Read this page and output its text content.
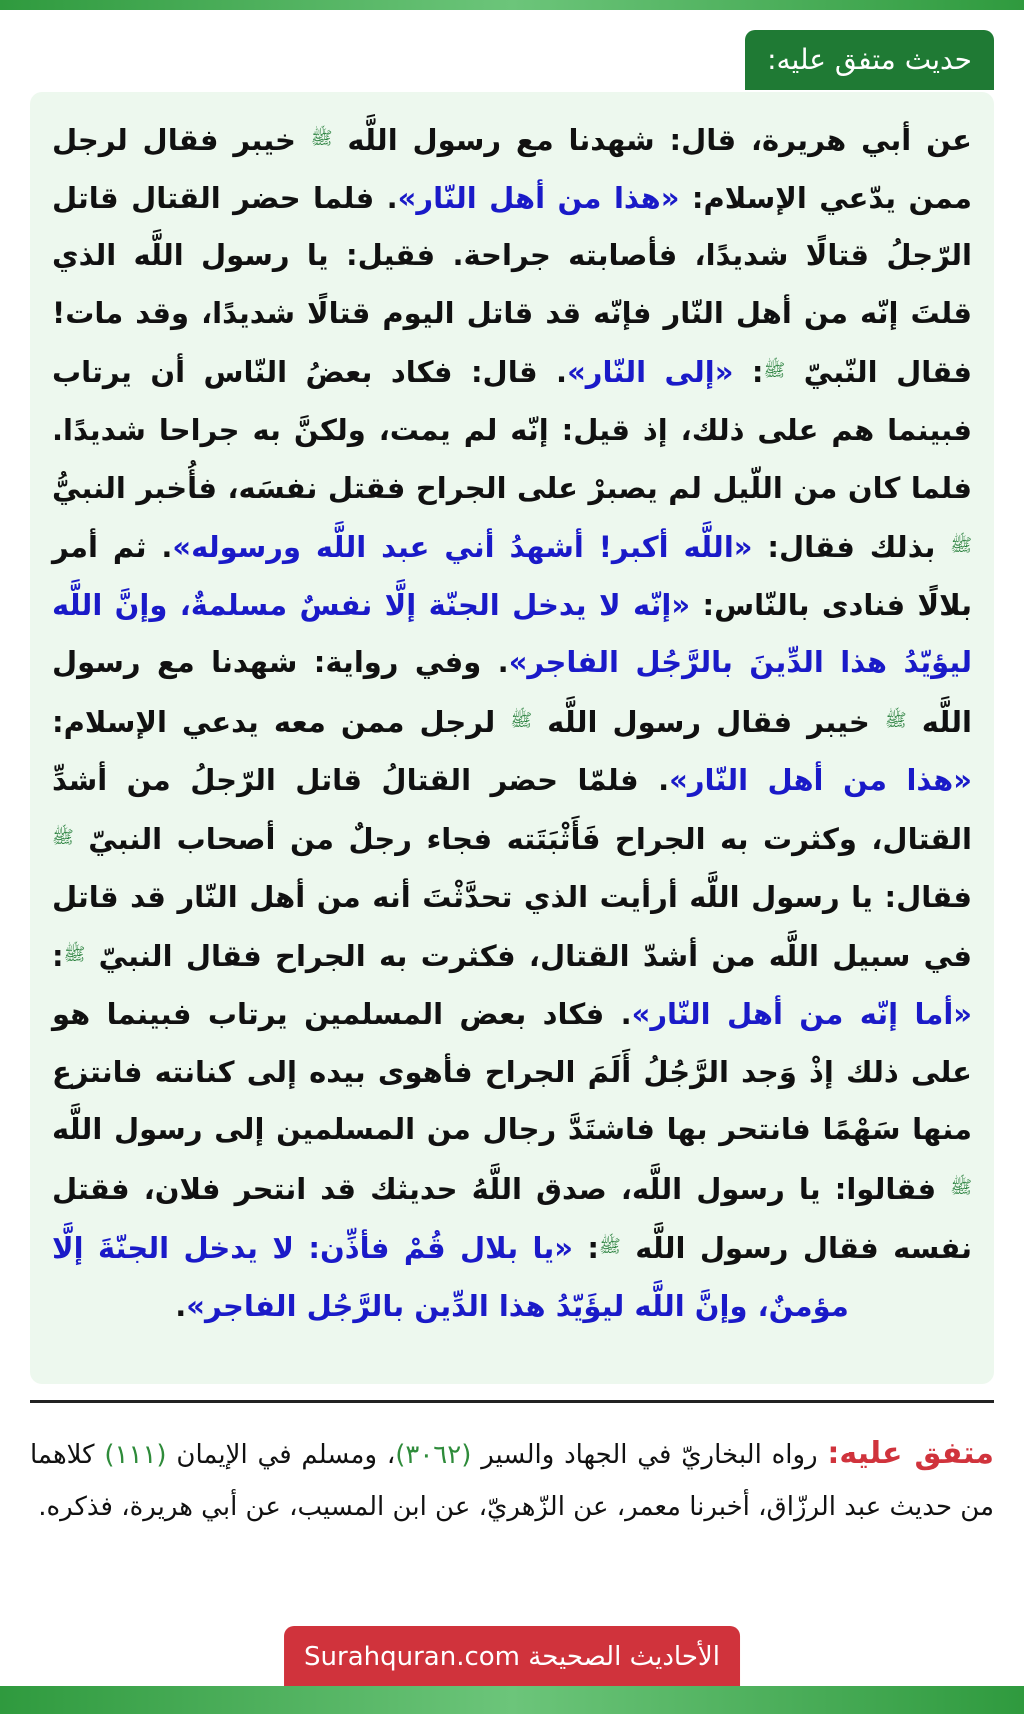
حديث متفق عليه:

عن أبي هريرة، قال: شهدنا مع رسول اللَّه $^ﷺ$ خيبر فقال لرجل ممن يدّعي الإسلام: «هذا من أهل النّار». فلما حضر القتال قاتل الرّجلُ قتالًا شديدًا، فأصابته جراحة. فقيل: يا رسول اللَّه الذي قلتَ إنّه من أهل النّار فإنّه قد قاتل اليوم قتالًا شديدًا، وقد مات! فقال النّبيّ $^ﷺ$: «إلى النّار». قال: فكاد بعضُ النّاس أن يرتاب فبينما هم على ذلك، إذ قيل: إنّه لم يمت، ولكنَّ به جراحا شديدًا. فلما كان من اللّيل لم يصبرْ على الجراح فقتل نفسَه، فأُخبر النبيُّ $^ﷺ$ بذلك فقال: «اللَّه أكبر! أشهدُ أني عبد اللَّه ورسوله». ثم أمر بلالًا فنادى بالنّاس: «إنّه لا يدخل الجنّة إلَّا نفسٌ مسلمةٌ، وإنَّ اللَّه ليؤيّدُ هذا الدِّينَ بالرَّجُل الفاجر». وفي رواية: شهدنا مع رسول اللَّه $^ﷺ$ خيبر فقال رسول اللَّه $^ﷺ$ لرجل ممن معه يدعي الإسلام: «هذا من أهل النّار». فلمّا حضر القتالُ قاتل الرّجلُ من أشدِّ القتال، وكثرت به الجراح فَأَثْبَتَته فجاء رجلٌ من أصحاب النبيّ $^ﷺ$ فقال: يا رسول اللَّه أرأيت الذي تحدَّثْتَ أنه من أهل النّار قد قاتل في سبيل اللَّه من أشدّ القتال، فكثرت به الجراح فقال النبيّ $^ﷺ$: «أما إنّه من أهل النّار». فكاد بعض المسلمين يرتاب فبينما هو على ذلك إذْ وَجد الرَّجُلُ أَلَمَ الجراح فأهوى بيده إلى كنانته فانتزع منها سَهْمًا فانتحر بها فاشتَدَّ رجال من المسلمين إلى رسول اللَّه $^ﷺ$ فقالوا: يا رسول اللَّه، صدق اللَّهُ حديثك قد انتحر فلان، فقتل نفسه فقال رسول اللَّه $^ﷺ$: «يا بلال قُمْ فأذِّن: لا يدخل الجنّةَ إلَّا مؤمنٌ، وإنَّ اللَّه ليؤَيّدُ هذا الدِّين بالرَّجُل الفاجر».

متفق عليه: رواه البخاريّ في الجهاد والسير (٣٠٦٢)، ومسلم في الإيمان (١١١) كلاهما من حديث عبد الرزّاق، أخبرنا معمر، عن الزّهريّ، عن ابن المسيب، عن أبي هريرة، فذكره.

الأحاديث الصحيحة Surahquran.com
